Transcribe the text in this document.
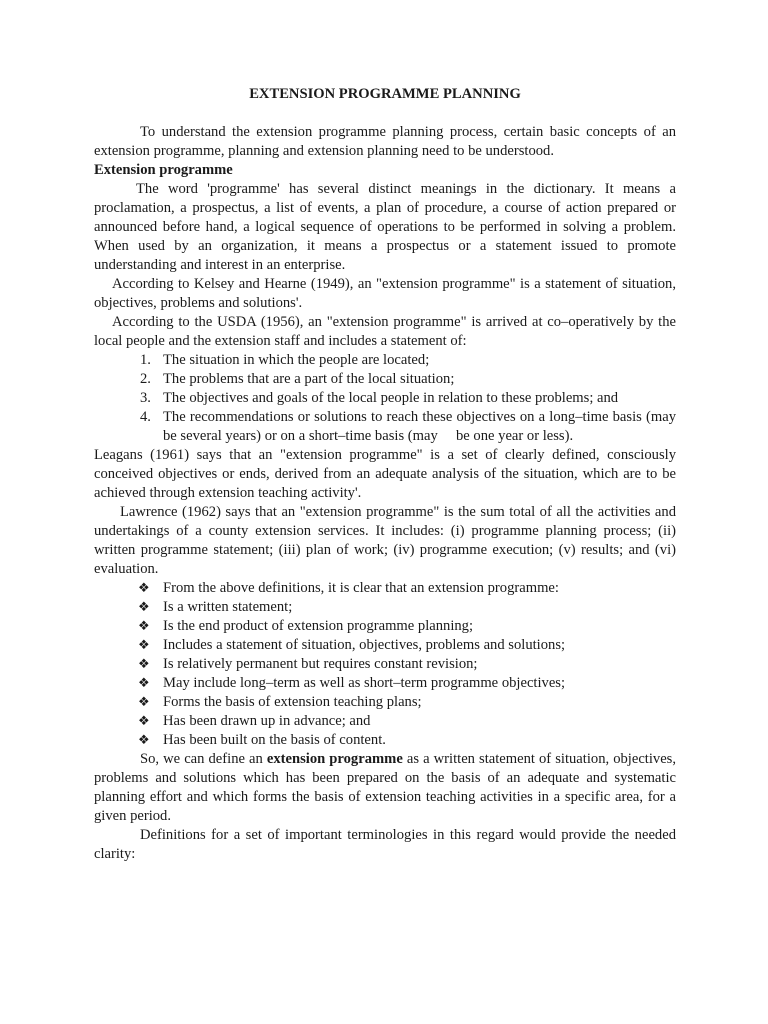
EXTENSION PROGRAMME PLANNING

To understand the extension programme planning process, certain basic concepts of an extension programme, planning and extension planning need to be understood.

Extension programme

The word 'programme' has several distinct meanings in the dictionary. It means a proclamation, a prospectus, a list of events, a plan of procedure, a course of action prepared or announced before hand, a logical sequence of operations to be performed in solving a problem. When used by an organization, it means a prospectus or a statement issued to promote understanding and interest in an enterprise.

According to Kelsey and Hearne (1949), an "extension programme" is a statement of situation, objectives, problems and solutions'.

According to the USDA (1956), an "extension programme" is arrived at co–operatively by the local people and the extension staff and includes a statement of:

1. The situation in which the people are located;
2. The problems that are a part of the local situation;
3. The objectives and goals of the local people in relation to these problems; and
4. The recommendations or solutions to reach these objectives on a long–time basis (may be several years) or on a short–time basis (may     be one year or less).

Leagans (1961) says that an "extension programme" is a set of clearly defined, consciously conceived objectives or ends, derived from an adequate analysis of the situation, which are to be achieved through extension teaching activity'.

Lawrence (1962) says that an "extension programme" is the sum total of all the activities and undertakings of a county extension services. It includes: (i) programme planning process; (ii) written programme statement; (iii) plan of work; (iv) programme execution; (v) results; and (vi) evaluation.

❖ From the above definitions, it is clear that an extension programme:
❖ Is a written statement;
❖ Is the end product of extension programme planning;
❖ Includes a statement of situation, objectives, problems and solutions;
❖ Is relatively permanent but requires constant revision;
❖ May include long–term as well as short–term programme objectives;
❖ Forms the basis of extension teaching plans;
❖ Has been drawn up in advance; and
❖ Has been built on the basis of content.

So, we can define an extension programme as a written statement of situation, objectives, problems and solutions which has been prepared on the basis of an adequate and systematic planning effort and which forms the basis of extension teaching activities in a specific area, for a given period.

Definitions for a set of important terminologies in this regard would provide the needed clarity:
